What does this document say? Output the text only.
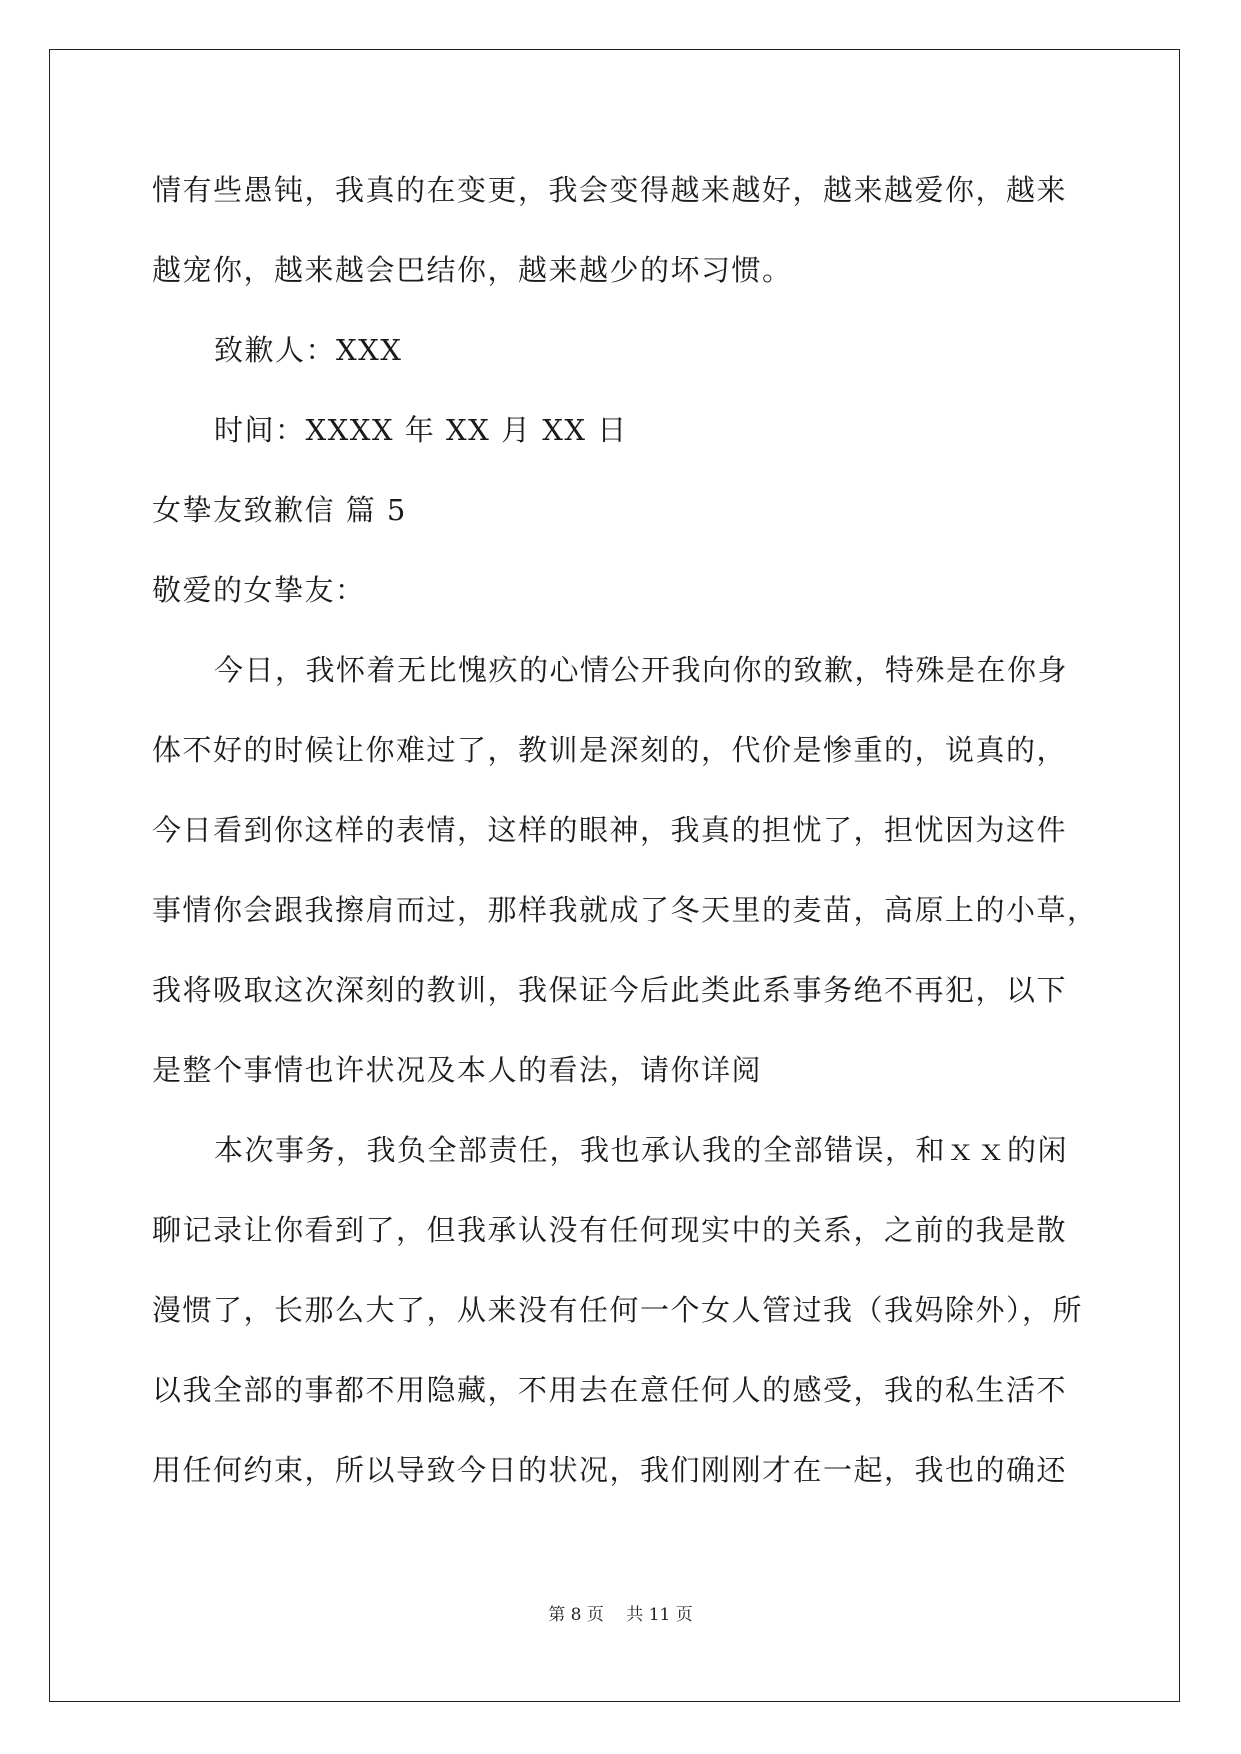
情有些愚钝，我真的在变更，我会变得越来越好，越来越爱你，越来
越宠你，越来越会巴结你，越来越少的坏习惯。
致歉人：XXX
时间：XXXX 年 XX 月 XX 日
女挚友致歉信 篇 5
敬爱的女挚友：
今日，我怀着无比愧疚的心情公开我向你的致歉，特殊是在你身
体不好的时候让你难过了，教训是深刻的，代价是惨重的，说真的，
今日看到你这样的表情，这样的眼神，我真的担忧了，担忧因为这件
事情你会跟我擦肩而过，那样我就成了冬天里的麦苗，高原上的小草，
我将吸取这次深刻的教训，我保证今后此类此系事务绝不再犯，以下
是整个事情也许状况及本人的看法，请你详阅
本次事务，我负全部责任，我也承认我的全部错误，和ｘｘ的闲
聊记录让你看到了，但我承认没有任何现实中的关系，之前的我是散
漫惯了，长那么大了，从来没有任何一个女人管过我（我妈除外），所
以我全部的事都不用隐藏，不用去在意任何人的感受，我的私生活不
用任何约束，所以导致今日的状况，我们刚刚才在一起，我也的确还
第 8 页　 共 11 页
